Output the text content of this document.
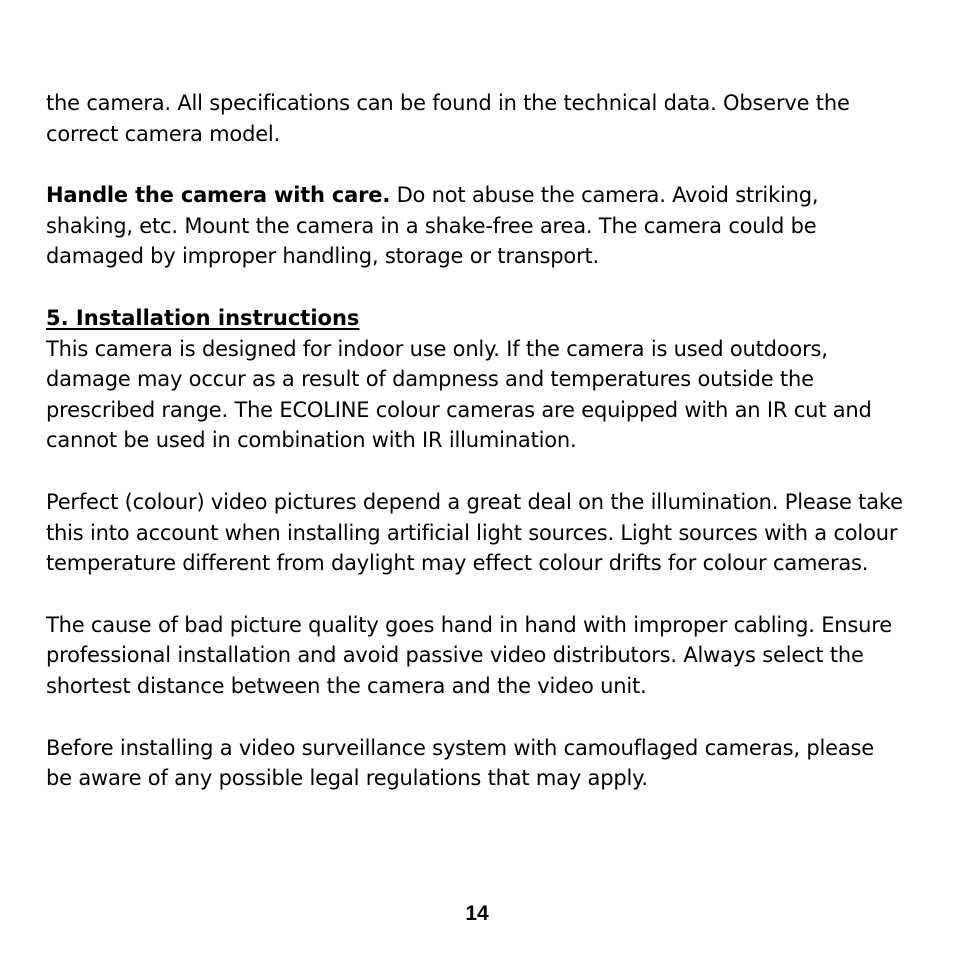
the camera. All specifications can be found in the technical data. Observe the correct camera model.

Handle the camera with care. Do not abuse the camera. Avoid striking, shaking, etc. Mount the camera in a shake-free area. The camera could be damaged by improper handling, storage or transport.

5. Installation instructions

This camera is designed for indoor use only. If the camera is used outdoors, damage may occur as a result of dampness and temperatures outside the prescribed range. The ECOLINE colour cameras are equipped with an IR cut and cannot be used in combination with IR illumination.

Perfect (colour) video pictures depend a great deal on the illumination. Please take this into account when installing artificial light sources. Light sources with a colour temperature different from daylight may effect colour drifts for colour cameras.

The cause of bad picture quality goes hand in hand with improper cabling. Ensure professional installation and avoid passive video distributors. Always select the shortest distance between the camera and the video unit.

Before installing a video surveillance system with camouflaged cameras, please be aware of any possible legal regulations that may apply.

14
